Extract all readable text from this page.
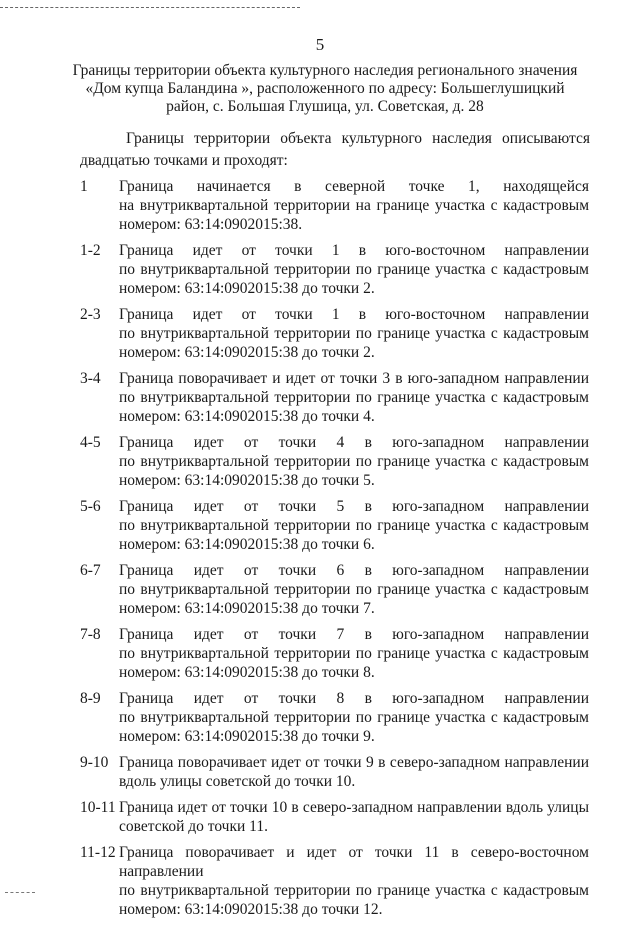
5
Границы территории объекта культурного наследия регионального значения
«Дом купца Баландина », расположенного по адресу: Большеглушицкий
район, с. Большая Глушица, ул. Советская, д. 28
Границы территории объекта культурного наследия описываются
двадцатью точками и проходят:
1	Граница начинается в северной точке 1, находящейся
на внутриквартальной территории на границе участка с кадастровым
номером: 63:14:0902015:38.
1-2	Граница идет от точки 1 в юго-восточном направлении
по внутриквартальной территории по границе участка с кадастровым
номером: 63:14:0902015:38 до точки 2.
2-3	Граница идет от точки 1 в юго-восточном направлении
по внутриквартальной территории по границе участка с кадастровым
номером: 63:14:0902015:38 до точки 2.
3-4	Граница поворачивает и идет от точки 3 в юго-западном направлении
по внутриквартальной территории по границе участка с кадастровым
номером: 63:14:0902015:38 до точки 4.
4-5	Граница идет от точки 4 в юго-западном направлении
по внутриквартальной территории по границе участка с кадастровым
номером: 63:14:0902015:38 до точки 5.
5-6	Граница идет от точки 5 в юго-западном направлении
по внутриквартальной территории по границе участка с кадастровым
номером: 63:14:0902015:38 до точки 6.
6-7	Граница идет от точки 6 в юго-западном направлении
по внутриквартальной территории по границе участка с кадастровым
номером: 63:14:0902015:38 до точки 7.
7-8	Граница идет от точки 7 в юго-западном направлении
по внутриквартальной территории по границе участка с кадастровым
номером: 63:14:0902015:38 до точки 8.
8-9	Граница идет от точки 8 в юго-западном направлении
по внутриквартальной территории по границе участка с кадастровым
номером: 63:14:0902015:38 до точки 9.
9-10 Граница поворачивает идет от точки 9 в северо-западном направлении
вдоль улицы советской до точки 10.
10-11 Граница идет от точки 10 в северо-западном направлении вдоль улицы
советской до точки 11.
11-12 Граница поворачивает и идет от точки 11 в северо-восточном направлении
по внутриквартальной территории по границе участка с кадастровым
номером: 63:14:0902015:38 до точки 12.
